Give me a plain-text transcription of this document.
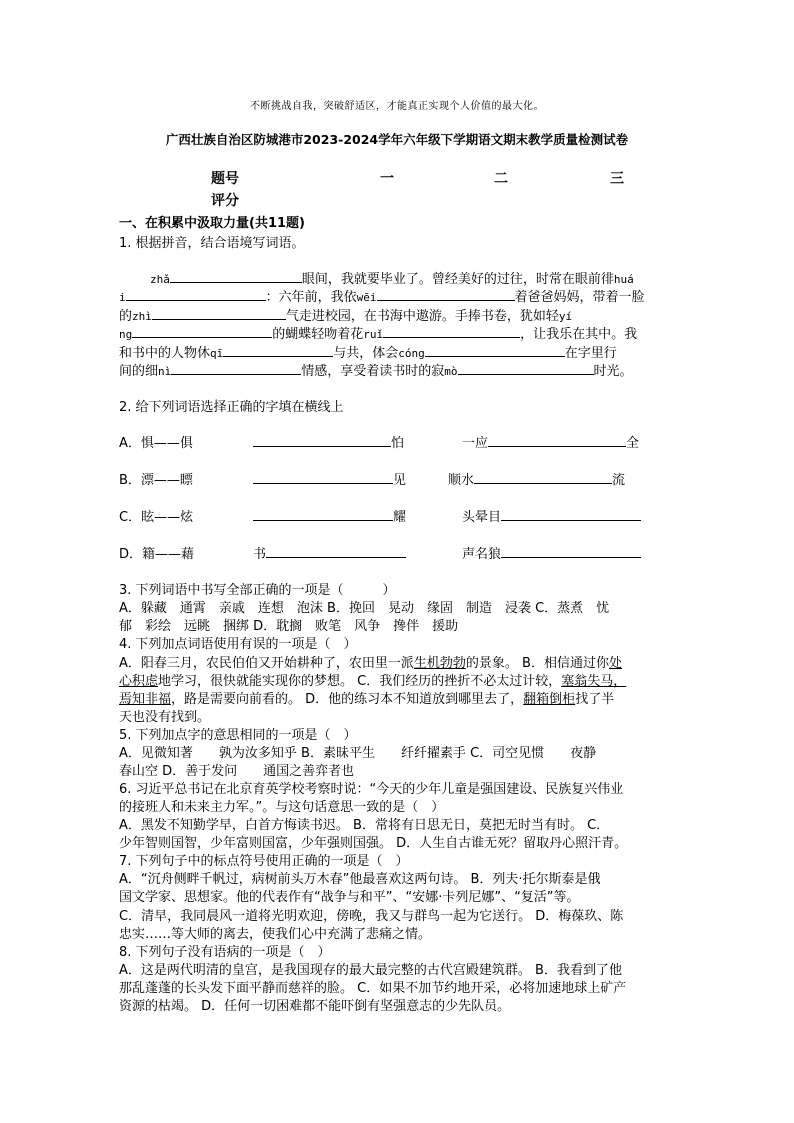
不断挑战自我，突破舒适区，才能真正实现个人价值的最大化。
广西壮族自治区防城港市2023-2024学年六年级下学期语文期末教学质量检测试卷
题号	一	二	三
评分
一、在积累中汲取力量(共11题)
1. 根据拼音，结合语境写词语。
zhǎ	眼间，我就要毕业了。曾经美好的过往，时常在眼前徘huá
i	：六年前，我依wēi	着爸爸妈妈，带着一脸
的zhì	气走进校园，在书海中遨游。手捧书卷，犹如轻yí
ng	的蝴蝶轻吻着花ruǐ	，让我乐在其中。我
和书中的人物休qī	与共，体会cóng	在字里行
间的细nì	情感，享受着读书时的寂mò	时光。
2. 给下列词语选择正确的字填在横线上
A．惧——俱	怕	一应	全
B．漂——瞟	见	顺水	流
C．眩——炫	耀	头晕目
D．籍——藉	书	声名狼
3. 下列词语中书写全部正确的一项是（　　　）
A．躲藏　通霄　亲戚　连想　泡沫 B．挽回　晃动　缘固　制造　浸袭 C．蒸煮　忧
郁　彩绘　远眺　捆绑 D．耽搁　败笔　风争　搀伴　援助
4. 下列加点词语使用有误的一项是（　）
A．阳春三月，农民伯伯又开始耕种了，农田里一派生机勃勃的景象。 B．相信通过你处
心积虑地学习，很快就能实现你的梦想。 C．我们经历的挫折不必太过计较，塞翁失马，
焉知非福，路是需要向前看的。 D．他的练习本不知道放到哪里去了，翻箱倒柜找了半
天也没有找到。
5. 下列加点字的意思相同的一项是（　）
A．见微知著　　孰为汝多知乎 B．素昧平生　　纤纤擢素手 C．司空见惯　　夜静
春山空 D．善于发问　　通国之善弈者也
6. 习近平总书记在北京育英学校考察时说：“今天的少年儿童是强国建设、民族复兴伟业
的接班人和未来主力军。”。与这句话意思一致的是（　）
A．黑发不知勤学早，白首方悔读书迟。 B．常将有日思无日，莫把无时当有时。 C．
少年智则国智，少年富则国富，少年强则国强。 D．人生自古谁无死？留取丹心照汗青。
7. 下列句子中的标点符号使用正确的一项是（　）
A．“沉舟侧畔千帆过，病树前头万木春”他最喜欢这两句诗。 B．列夫·托尔斯泰是俄
国文学家、思想家。他的代表作有“战争与和平”、“安娜·卡列尼娜”、“复活”等。
C．清早，我同晨风一道将光明欢迎，傍晚，我又与群鸟一起为它送行。 D．梅葆玖、陈
忠实……等大师的离去，使我们心中充满了悲痛之情。
8. 下列句子没有语病的一项是（　）
A．这是两代明清的皇宫，是我国现存的最大最完整的古代宫殿建筑群。 B．我看到了他
那乱蓬蓬的长头发下面平静而慈祥的脸。 C．如果不加节约地开采，必将加速地球上矿产
资源的枯竭。 D．任何一切困难都不能吓倒有坚强意志的少先队员。
